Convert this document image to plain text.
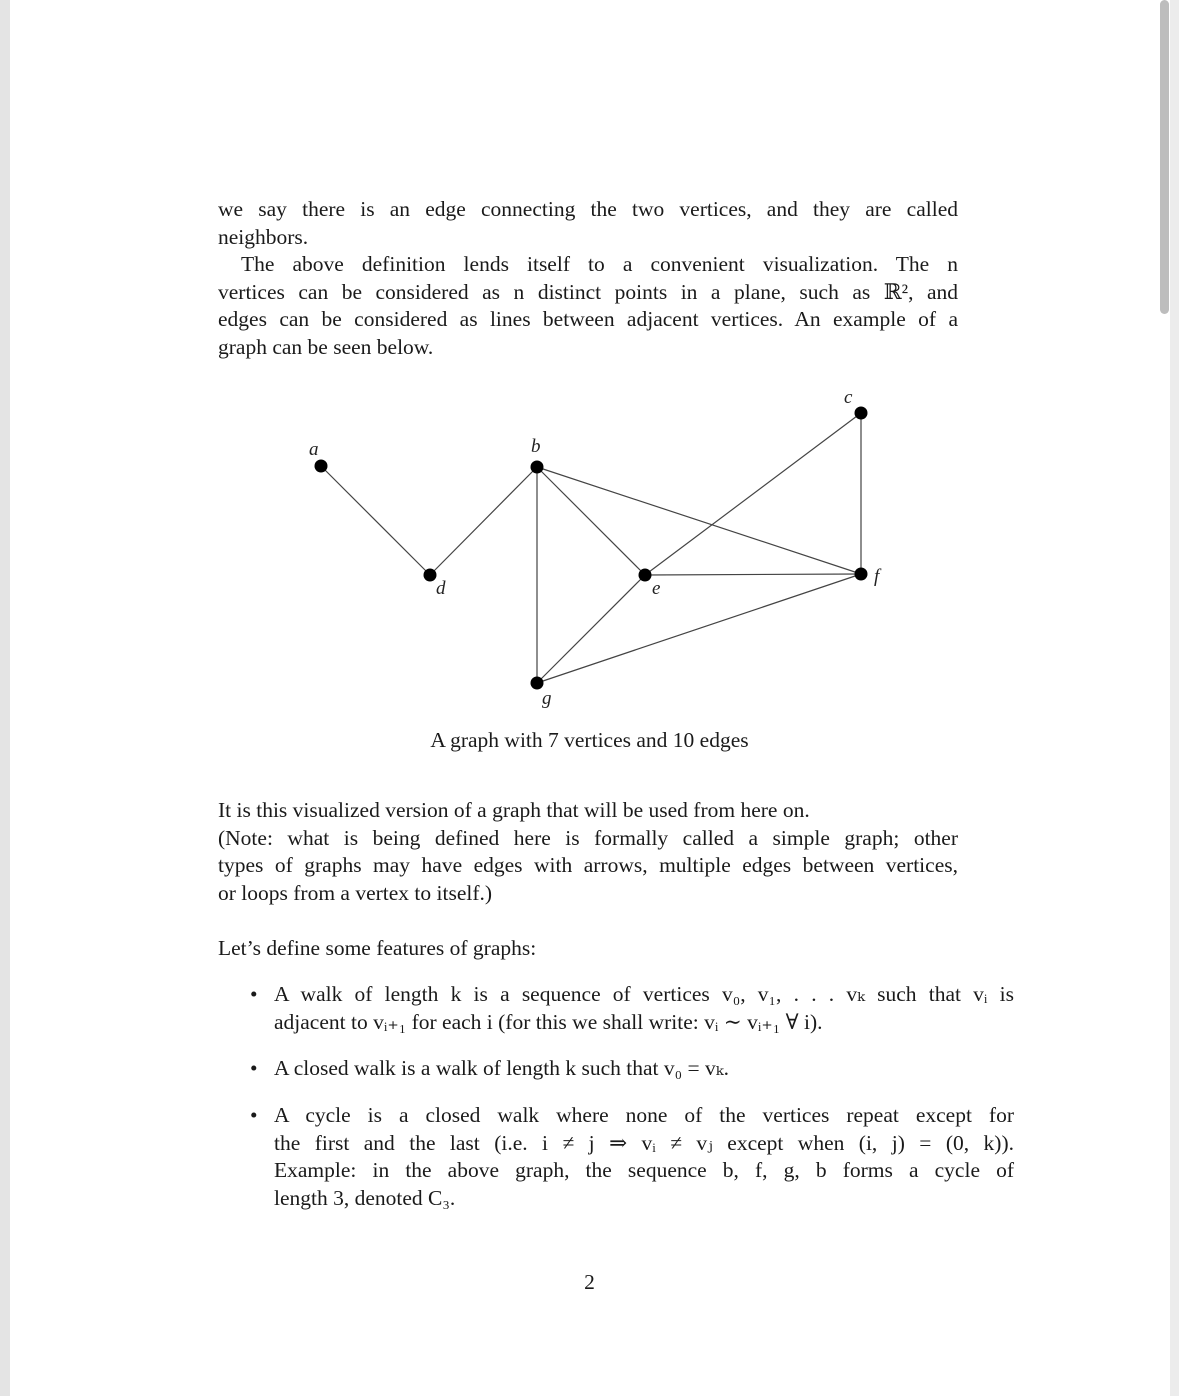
we say there is an edge connecting the two vertices, and they are called
neighbors.
The above definition lends itself to a convenient visualization. The n
vertices can be considered as n distinct points in a plane, such as ℝ², and
edges can be considered as lines between adjacent vertices. An example of a
graph can be seen below.
a	b
c
d	e
f
g
A graph with 7 vertices and 10 edges
It is this visualized version of a graph that will be used from here on.
(Note: what is being defined here is formally called a simple graph; other
types of graphs may have edges with arrows, multiple edges between vertices,
or loops from a vertex to itself.)
Let’s define some features of graphs:
• A walk of length k is a sequence of vertices v₀, v₁, . . . vₖ such that vᵢ is
adjacent to vᵢ₊₁ for each i (for this we shall write: vᵢ ∼ vᵢ₊₁ ∀ i).
• A closed walk is a walk of length k such that v₀ = vₖ.
• A cycle is a closed walk where none of the vertices repeat except for
the first and the last (i.e. i ≠ j ⇒ vᵢ ≠ vⱼ except when (i, j) = (0, k)).
Example: in the above graph, the sequence b, f, g, b forms a cycle of
length 3, denoted C₃.
2
